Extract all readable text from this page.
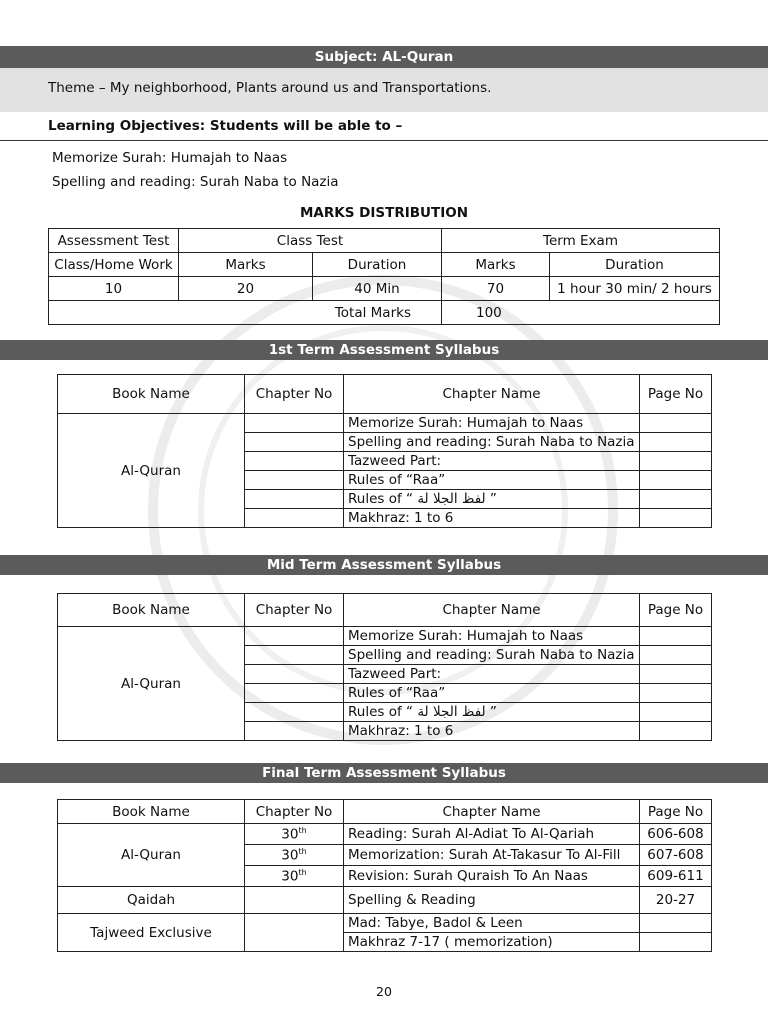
Subject: AL-Quran
Theme – My neighborhood, Plants around us and Transportations.
Learning Objectives: Students will be able to –
Memorize Surah: Humajah to Naas
Spelling and reading: Surah Naba to Nazia
MARKS DISTRIBUTION
Assessment Test	Class Test		Term Exam	
Class/Home Work	Marks	Duration	Marks	Duration
10	20	40 Min	70	1 hour 30 min/ 2 hours
Total Marks			100	
1st Term Assessment Syllabus
Book Name	Chapter No	Chapter Name	Page No
Al-Quran		Memorize Surah: Humajah to Naas	
		Spelling and reading: Surah Naba to Nazia	
		Tazweed Part:	
		Rules of “Raa”	
		Rules of “ لفظ الجلا لة ”	
		Makhraz: 1 to 6	
Mid Term Assessment Syllabus
Book Name	Chapter No	Chapter Name	Page No
Al-Quran		Memorize Surah: Humajah to Naas	
		Spelling and reading: Surah Naba to Nazia	
		Tazweed Part:	
		Rules of “Raa”	
		Rules of “ لفظ الجلا لة ”	
		Makhraz: 1 to 6	
Final Term Assessment Syllabus
Book Name	Chapter No	Chapter Name	Page No
Al-Quran	30th	Reading: Surah Al-Adiat To Al-Qariah	606-608
	30th	Memorization: Surah At-Takasur To Al-Fill	607-608
	30th	Revision: Surah Quraish To An Naas	609-611
Qaidah		Spelling & Reading	20-27
Tajweed Exclusive		Mad: Tabye, Badol & Leen	
		Makhraz 7-17 ( memorization)	
20
